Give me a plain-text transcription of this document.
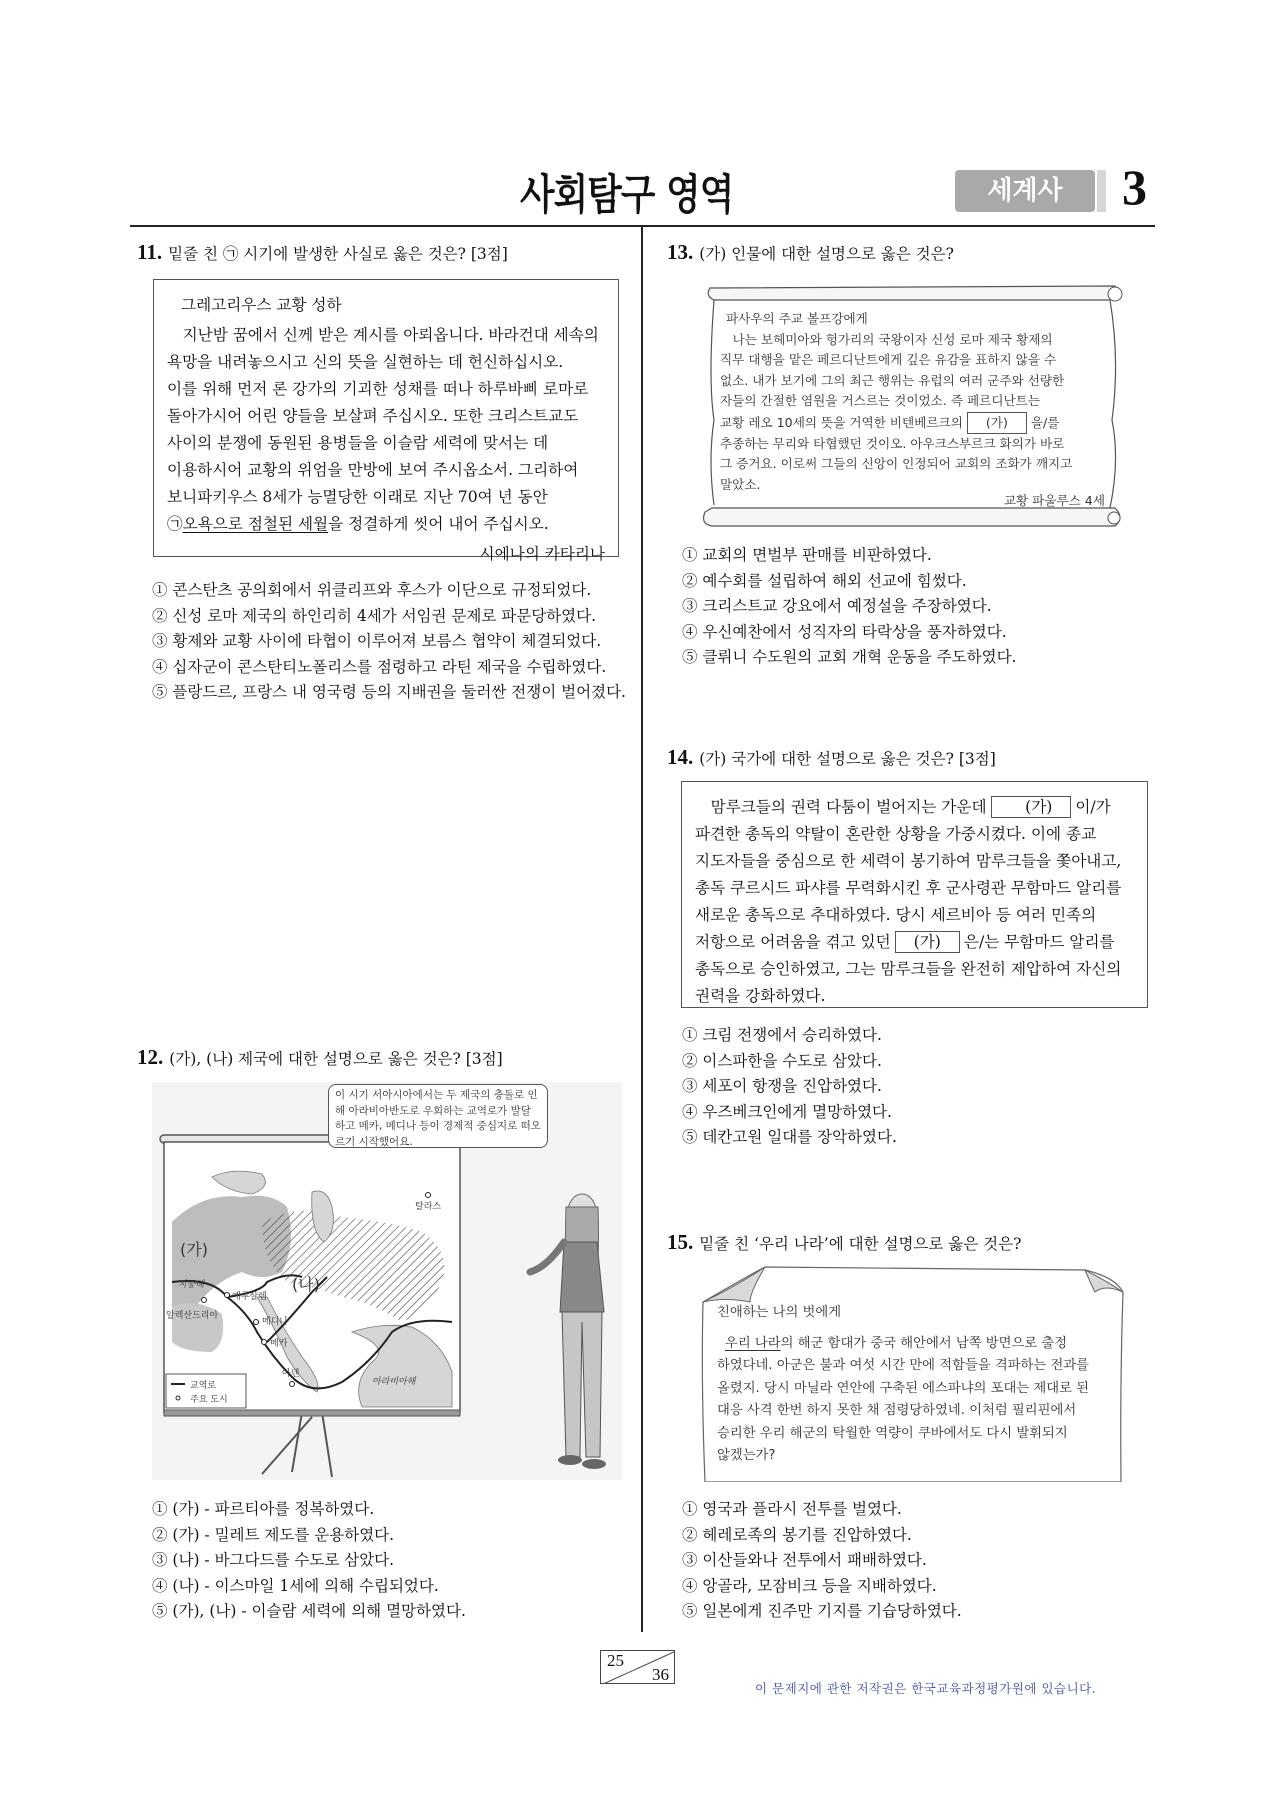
사회탐구 영역	세계사	3
11. 밑줄 친 ㉠ 시기에 발생한 사실로 옳은 것은? [3점]

그레고리우스 교황 성하

지난밤 꿈에서 신께 받은 계시를 아뢰옵니다. 바라건대 세속의

욕망을 내려놓으시고 신의 뜻을 실현하는 데 헌신하십시오.

이를 위해 먼저 론 강가의 기괴한 성채를 떠나 하루바삐 로마로

돌아가시어 어린 양들을 보살펴 주십시오. 또한 크리스트교도

사이의 분쟁에 동원된 용병들을 이슬람 세력에 맞서는 데

이용하시어 교황의 위엄을 만방에 보여 주시옵소서. 그리하여

보니파키우스 8세가 능멸당한 이래로 지난 70여 년 동안

㉠오욕으로 점철된 세월을 정결하게 씻어 내어 주십시오.

시에나의 카타리나

① 콘스탄츠 공의회에서 위클리프와 후스가 이단으로 규정되었다.
② 신성 로마 제국의 하인리히 4세가 서임권 문제로 파문당하였다.
③ 황제와 교황 사이에 타협이 이루어져 보름스 협약이 체결되었다.
④ 십자군이 콘스탄티노폴리스를 점령하고 라틴 제국을 수립하였다.
⑤ 플랑드르, 프랑스 내 영국령 등의 지배권을 둘러싼 전쟁이 벌어졌다.
12. (가), (나) 제국에 대한 설명으로 옳은 것은? [3점]
이 시기 서아시아에서는 두 제국의 충돌로 인해 아라비아반도로 우회하는 교역로가 발달하고 메카, 메디나 등이 경제적 중심지로 떠오르기 시작했어요.
(가)
(나)
탈라스
지중해
예루살렘
알렉산드리아
메디나
메카
아덴
아라비아해
교역로
주요 도시
① (가) - 파르티아를 정복하였다.
② (가) - 밀레트 제도를 운용하였다.
③ (나) - 바그다드를 수도로 삼았다.
④ (나) - 이스마일 1세에 의해 수립되었다.
⑤ (가), (나) - 이슬람 세력에 의해 멸망하였다.
13. (가) 인물에 대한 설명으로 옳은 것은?

파사우의 주교 볼프강에게

나는 보헤미아와 헝가리의 국왕이자 신성 로마 제국 황제의

직무 대행을 맡은 페르디난트에게 깊은 유감을 표하지 않을 수

없소. 내가 보기에 그의 최근 행위는 유럽의 여러 군주와 선량한

자들의 간절한 염원을 거스르는 것이었소. 즉 페르디난트는

교황 레오 10세의 뜻을 거역한 비텐베르크의 (가) 을/를

추종하는 무리와 타협했던 것이오. 아우크스부르크 화의가 바로

그 증거요. 이로써 그들의 신앙이 인정되어 교회의 조화가 깨지고

말았소.

교황 파울루스 4세

① 교회의 면벌부 판매를 비판하였다.
② 예수회를 설립하여 해외 선교에 힘썼다.
③ 크리스트교 강요에서 예정설을 주장하였다.
④ 우신예찬에서 성직자의 타락상을 풍자하였다.
⑤ 클뤼니 수도원의 교회 개혁 운동을 주도하였다.
14. (가) 국가에 대한 설명으로 옳은 것은? [3점]

맘루크들의 권력 다툼이 벌어지는 가운데 (가) 이/가

파견한 총독의 약탈이 혼란한 상황을 가중시켰다. 이에 종교

지도자들을 중심으로 한 세력이 봉기하여 맘루크들을 쫓아내고,

총독 쿠르시드 파샤를 무력화시킨 후 군사령관 무함마드 알리를

새로운 총독으로 추대하였다. 당시 세르비아 등 여러 민족의

저항으로 어려움을 겪고 있던 (가) 은/는 무함마드 알리를

총독으로 승인하였고, 그는 맘루크들을 완전히 제압하여 자신의

권력을 강화하였다.

① 크림 전쟁에서 승리하였다.
② 이스파한을 수도로 삼았다.
③ 세포이 항쟁을 진압하였다.
④ 우즈베크인에게 멸망하였다.
⑤ 데칸고원 일대를 장악하였다.
15. 밑줄 친 ‘우리 나라’에 대한 설명으로 옳은 것은?

친애하는 나의 벗에게

우리 나라의 해군 함대가 중국 해안에서 남쪽 방면으로 출정

하였다네. 아군은 불과 여섯 시간 만에 적함들을 격파하는 전과를

올렸지. 당시 마닐라 연안에 구축된 에스파냐의 포대는 제대로 된

대응 사격 한번 하지 못한 채 점령당하였네. 이처럼 필리핀에서

승리한 우리 해군의 탁월한 역량이 쿠바에서도 다시 발휘되지

않겠는가?

① 영국과 플라시 전투를 벌였다.
② 헤레로족의 봉기를 진압하였다.
③ 이산들와나 전투에서 패배하였다.
④ 앙골라, 모잠비크 등을 지배하였다.
⑤ 일본에게 진주만 기지를 기습당하였다.
25
36
이 문제지에 관한 저작권은 한국교육과정평가원에 있습니다.
